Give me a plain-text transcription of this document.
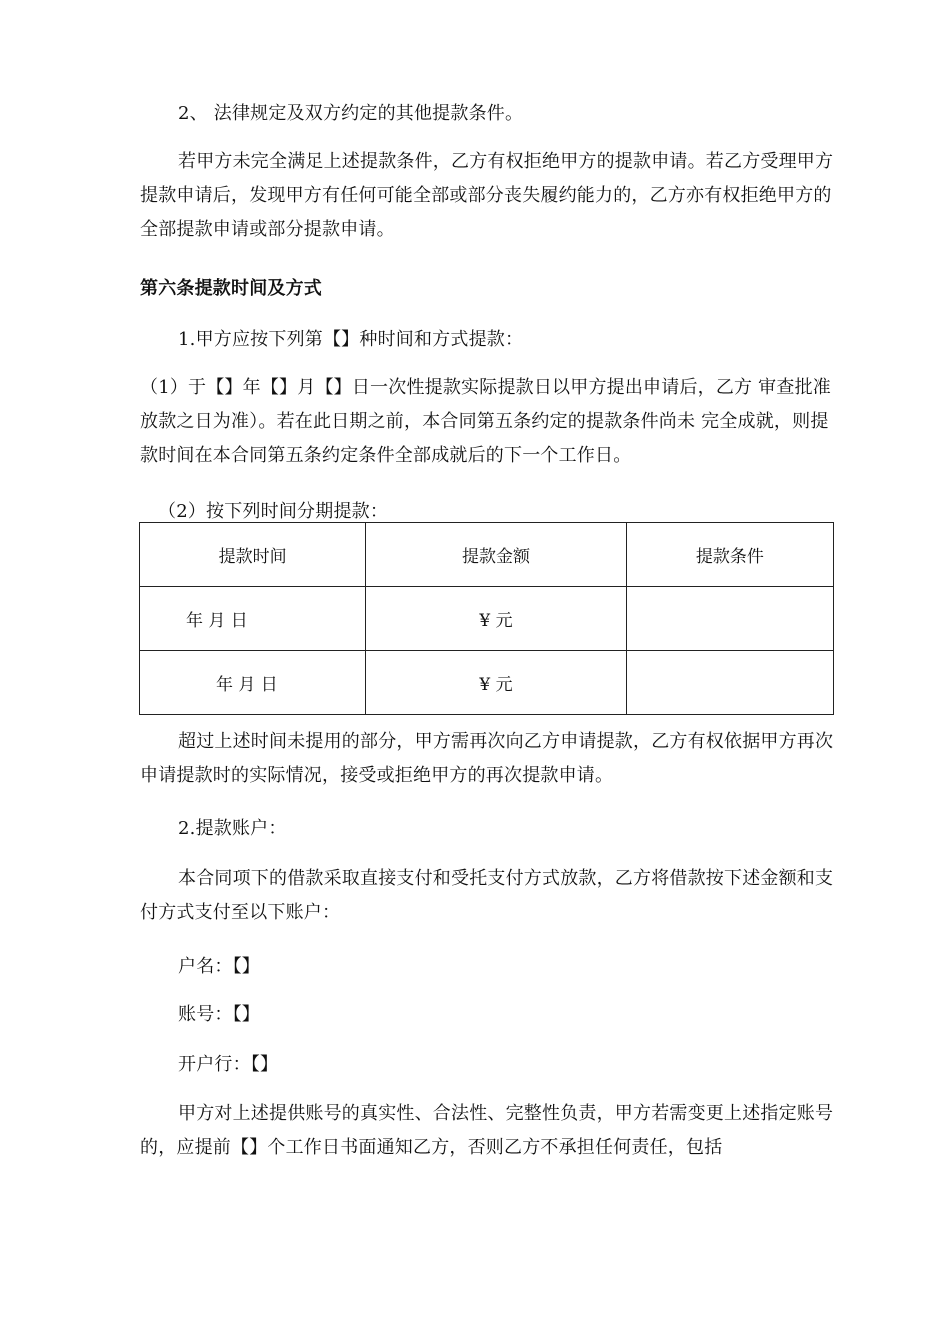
2、 法律规定及双方约定的其他提款条件。

若甲方未完全满足上述提款条件，乙方有权拒绝甲方的提款申请。若乙方受理甲方提款申请后，发现甲方有任何可能全部或部分丧失履约能力的，乙方亦有权拒绝甲方的全部提款申请或部分提款申请。

第六条提款时间及方式

1.甲方应按下列第【】种时间和方式提款：

（1）于【】年【】月【】日一次性提款实际提款日以甲方提出申请后，乙方 审查批准放款之日为准）。若在此日期之前，本合同第五条约定的提款条件尚未 完全成就，则提款时间在本合同第五条约定条件全部成就后的下一个工作日。

（2）按下列时间分期提款：

提款时间	提款金额	提款条件
年 月 日	¥ 元	
年 月 日	¥ 元	

超过上述时间未提用的部分，甲方需再次向乙方申请提款，乙方有权依据甲方再次申请提款时的实际情况，接受或拒绝甲方的再次提款申请。

2.提款账户：

本合同项下的借款采取直接支付和受托支付方式放款，乙方将借款按下述金额和支付方式支付至以下账户：

户名：【】

账号：【】

开户行：【】

甲方对上述提供账号的真实性、合法性、完整性负责，甲方若需变更上述指定账号的，应提前【】个工作日书面通知乙方，否则乙方不承担任何责任，包括
